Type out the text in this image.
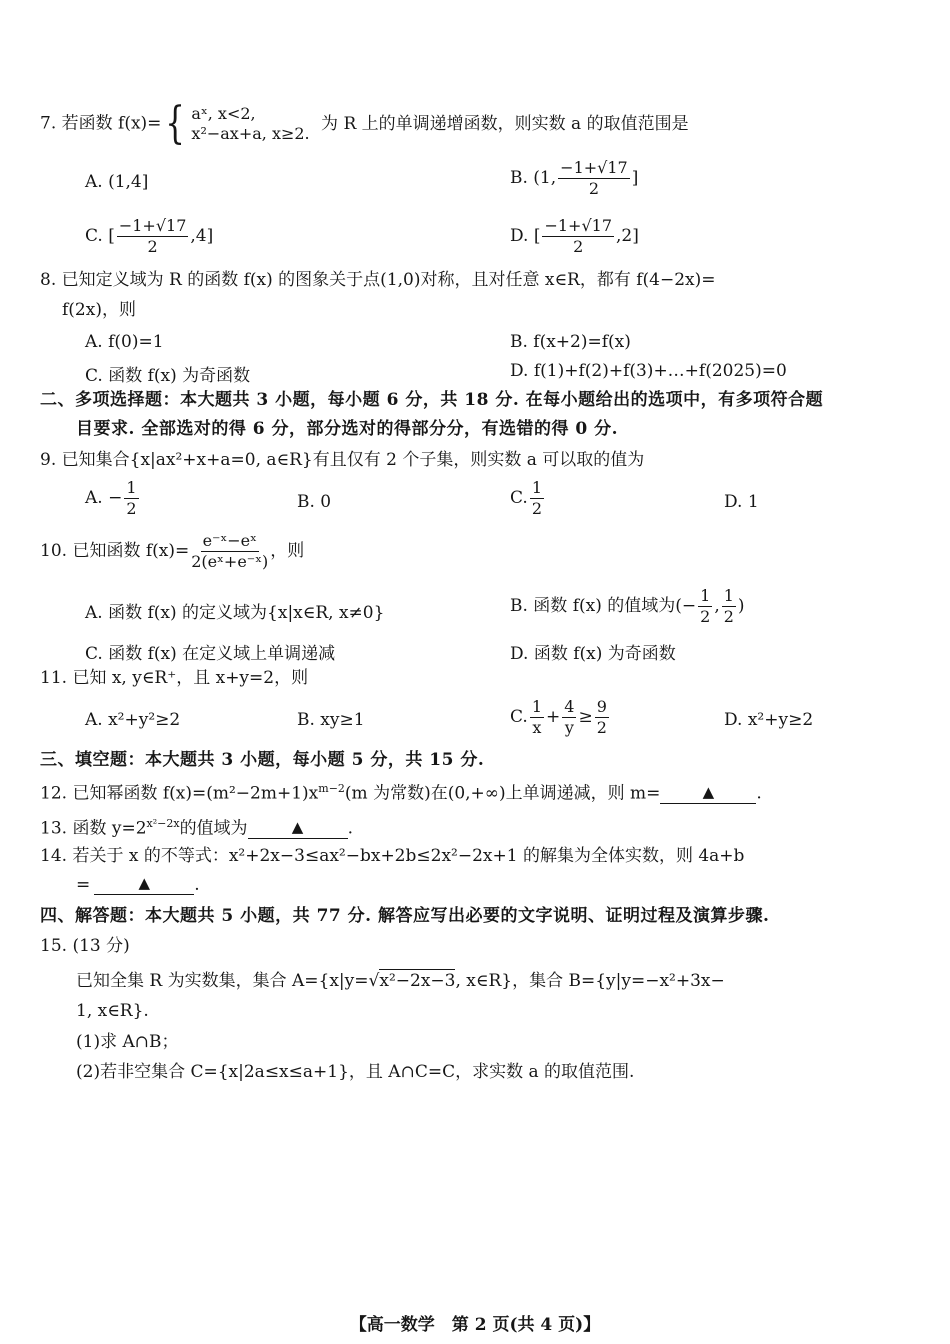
7. 若函数 f(x)= { aˣ, x<2,
x²−ax+a, x≥2. 为 R 上的单调递增函数，则实数 a 的取值范围是
A. (1,4]	B. (1, $\frac{-1+√17}{2}$ ]
C. [ $\frac{-1+√17}{2} ,4$]	D. [ $\frac{-1+√17}{2} ,2$]
8. 已知定义域为 R 的函数 f(x) 的图象关于点(1,0)对称，且对任意 x∈R，都有 f(4−2x)=
f(2x)，则
A. f(0)=1	B. f(x+2)=f(x)
C. 函数 f(x) 为奇函数	D. f(1)+f(2)+f(3)+…+f(2025)=0
二、多项选择题：本大题共 3 小题，每小题 6 分，共 18 分. 在每小题给出的选项中，有多项符合题
目要求. 全部选对的得 6 分，部分选对的得部分分，有选错的得 0 分.
9. 已知集合{x|ax²+x+a=0, a∈R}有且仅有 2 个子集，则实数 a 可以取的值为
A. − $\frac{1}{2}$	B. 0	C. $\frac{1}{2}$	D. 1
10. 已知函数 $f(x)= \frac{\text{e⁻ˣ−eˣ}}{\text{2(eˣ+e⁻ˣ)}}$ ，则
A. 函数 f(x) 的定义域为{x|x∈R, x≠0}	B. 函数 f(x) 的值域为(− $\frac{1}{2}$ , $\frac{1}{2}$ )
C. 函数 f(x) 在定义域上单调递减	D. 函数 f(x) 为奇函数
11. 已知 x, y∈R⁺，且 x+y=2，则
A. x²+y²≥2	B. xy≥1	C. $\frac{1}{x} + \frac{4}{y} \ge \frac{9}{2}$	D. x²+y≥2
三、填空题：本大题共 3 小题，每小题 5 分，共 15 分.
12. 已知幂函数 $f(x)=(m^2-2m+1)x^{m-2}(m$ 为常数)在(0,+∞)上单调递减，则 m=	▲ .
13. 函数 $y=2^{x^2-2x}$的值域为	▲	.
14. 若关于 x 的不等式：x²+2x−3≤ax²−bx+2b≤2x²−2x+1 的解集为全体实数，则 4a+b
=	▲	.
四、解答题：本大题共 5 小题，共 77 分. 解答应写出必要的文字说明、证明过程及演算步骤.
15. (13 分)
已知全集 R 为实数集，集合 A={x|y=√x²−2x−3, x∈R}，集合 B={y|y=−x²+3x−
1, x∈R}.
(1)求 A∩B；
(2)若非空集合 C={x|2a≤x≤a+1}，且 A∩C=C，求实数 a 的取值范围.
【高一数学　第 2 页(共 4 页)】
